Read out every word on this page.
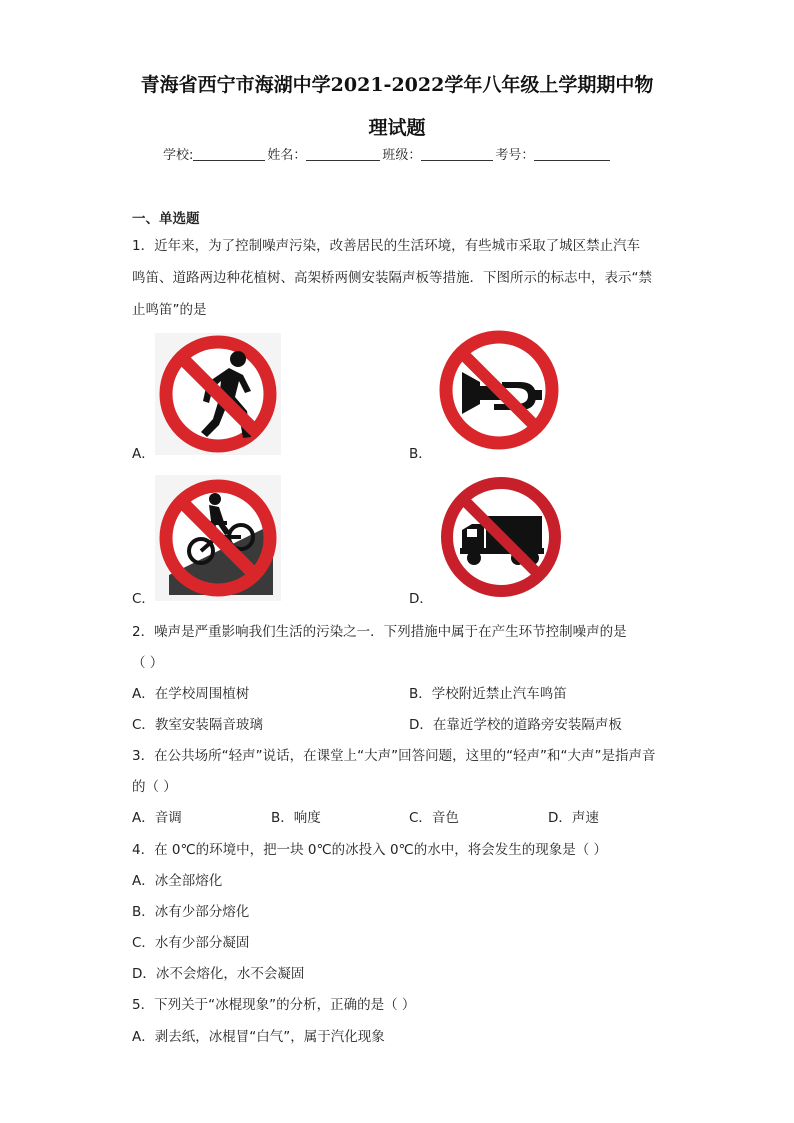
青海省西宁市海湖中学2021-2022学年八年级上学期期中物
理试题
学校:	姓名：	班级：	考号：
一、单选题
1．近年来，为了控制噪声污染，改善居民的生活环境，有些城市采取了城区禁止汽车
鸣笛、道路两边种花植树、高架桥两侧安装隔声板等措施．下图所示的标志中，表示“禁
止鸣笛”的是
A．	B．
C．	D．
2．噪声是严重影响我们生活的污染之一．下列措施中属于在产生环节控制噪声的是
（ ）
A．在学校周围植树	B．学校附近禁止汽车鸣笛
C．教室安装隔音玻璃	D．在靠近学校的道路旁安装隔声板
3．在公共场所“轻声”说话，在课堂上“大声”回答问题，这里的“轻声”和“大声”是指声音
的（ ）
A．音调	B．响度	C．音色	D．声速
4．在 0℃的环境中，把一块 0℃的冰投入 0℃的水中，将会发生的现象是（ ）
A．冰全部熔化
B．冰有少部分熔化
C．水有少部分凝固
D．冰不会熔化，水不会凝固
5．下列关于“冰棍现象”的分析，正确的是（ ）
A．剥去纸，冰棍冒“白气”，属于汽化现象
